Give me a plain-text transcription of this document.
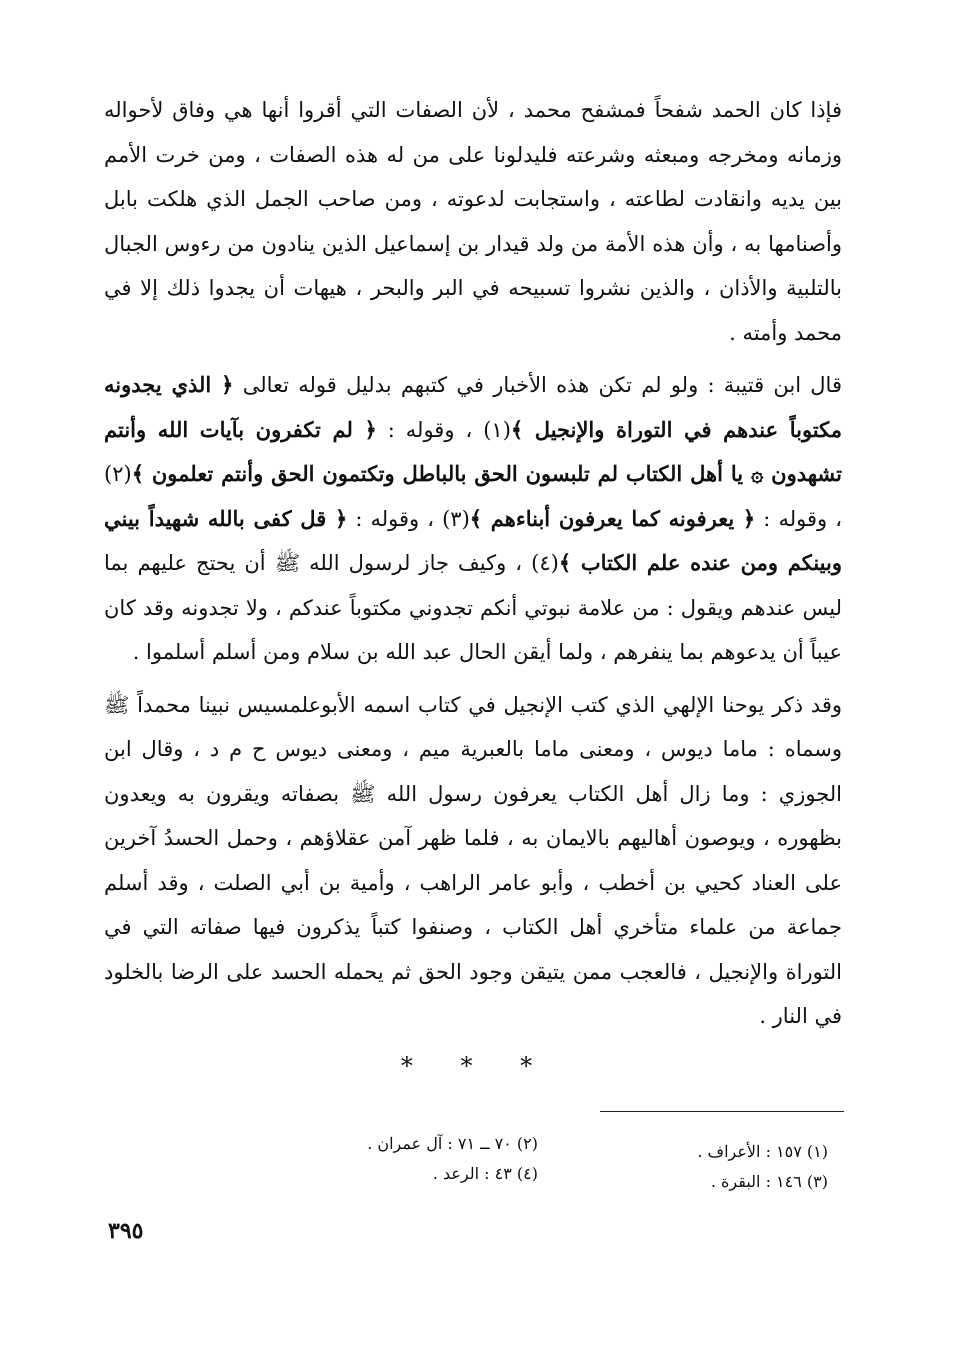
فإذا كان الحمد شفحاً فمشفح محمد ، لأن الصفات التي أقروا أنها هي وفاق لأحواله وزمانه ومخرجه ومبعثه وشرعته فليدلونا على من له هذه الصفات ، ومن خرت الأمم بين يديه وانقادت لطاعته ، واستجابت لدعوته ، ومن صاحب الجمل الذي هلكت بابل وأصنامها به ، وأن هذه الأمة من ولد قيدار بن إسماعيل الذين ينادون من رءوس الجبال بالتلبية والأذان ، والذين نشروا تسبيحه في البر والبحر ، هيهات أن يجدوا ذلك إلا في محمد وأمته .

قال ابن قتيبة : ولو لم تكن هذه الأخبار في كتبهم بدليل قوله تعالى ﴿ الذي يجدونه مكتوباً عندهم في التوراة والإنجيل ﴾(١) ، وقوله : ﴿ لم تكفرون بآيات الله وأنتم تشهدون ۞ يا أهل الكتاب لم تلبسون الحق بالباطل وتكتمون الحق وأنتم تعلمون ﴾(٢) ، وقوله : ﴿ يعرفونه كما يعرفون أبناءهم ﴾(٣) ، وقوله : ﴿ قل كفى بالله شهيداً بيني وبينكم ومن عنده علم الكتاب ﴾(٤) ، وكيف جاز لرسول الله ﷺ أن يحتج عليهم بما ليس عندهم ويقول : من علامة نبوتي أنكم تجدوني مكتوباً عندكم ، ولا تجدونه وقد كان عيباً أن يدعوهم بما ينفرهم ، ولما أيقن الحال عبد الله بن سلام ومن أسلم أسلموا .

وقد ذكر يوحنا الإلهي الذي كتب الإنجيل في كتاب اسمه الأبوعلمسيس نبينا محمداً ﷺ وسماه : ماما ديوس ، ومعنى ماما بالعبرية ميم ، ومعنى ديوس ح م د ، وقال ابن الجوزي : وما زال أهل الكتاب يعرفون رسول الله ﷺ بصفاته ويقرون به ويعدون بظهوره ، ويوصون أهاليهم بالايمان به ، فلما ظهر آمن عقلاؤهم ، وحمل الحسدُ آخرين على العناد كحيي بن أخطب ، وأبو عامر الراهب ، وأمية بن أبي الصلت ، وقد أسلم جماعة من علماء متأخري أهل الكتاب ، وصنفوا كتباً يذكرون فيها صفاته التي في التوراة والإنجيل ، فالعجب ممن يتيقن وجود الحق ثم يحمله الحسد على الرضا بالخلود في النار .

* * *
(١) ١٥٧ : الأعراف .
(٢) ٧٠ ــ ٧١ : آل عمران .
(٣) ١٤٦ : البقرة .
(٤) ٤٣ : الرعد .
٣٩٥
